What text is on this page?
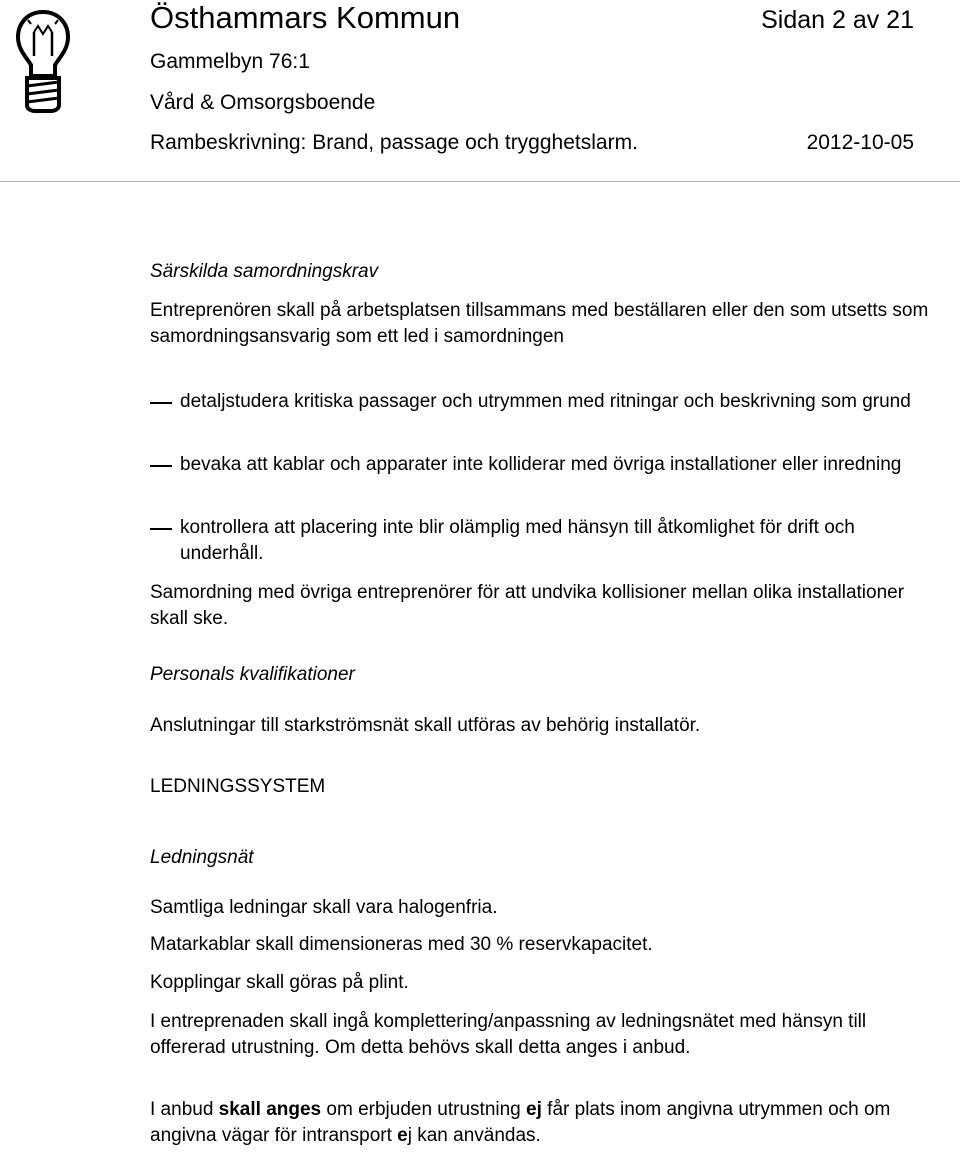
Östhammars Kommun	Sidan 2 av 21
Gammelbyn 76:1
Vård & Omsorgsboende
Rambeskrivning: Brand, passage och trygghetslarm.	2012-10-05
Särskilda samordningskrav
Entreprenören skall på arbetsplatsen tillsammans med beställaren eller den som utsetts som samordningsansvarig som ett led i samordningen
detaljstudera kritiska passager och utrymmen med ritningar och beskrivning som grund
bevaka att kablar och apparater inte kolliderar med övriga installationer eller inredning
kontrollera att placering inte blir olämplig med hänsyn till åtkomlighet för drift och underhåll.
Samordning med övriga entreprenörer för att undvika kollisioner mellan olika installationer skall ske.
Personals kvalifikationer
Anslutningar till starkströmsnät skall utföras av behörig installatör.
LEDNINGSSYSTEM
Ledningsnät
Samtliga ledningar skall vara halogenfria.
Matarkablar skall dimensioneras med 30 % reservkapacitet.
Kopplingar skall göras på plint.
I entreprenaden skall ingå komplettering/anpassning av ledningsnätet med hänsyn till offererad utrustning. Om detta behövs skall detta anges i anbud.
I anbud skall anges om erbjuden utrustning ej får plats inom angivna utrymmen och om angivna vägar för intransport ej kan användas.
